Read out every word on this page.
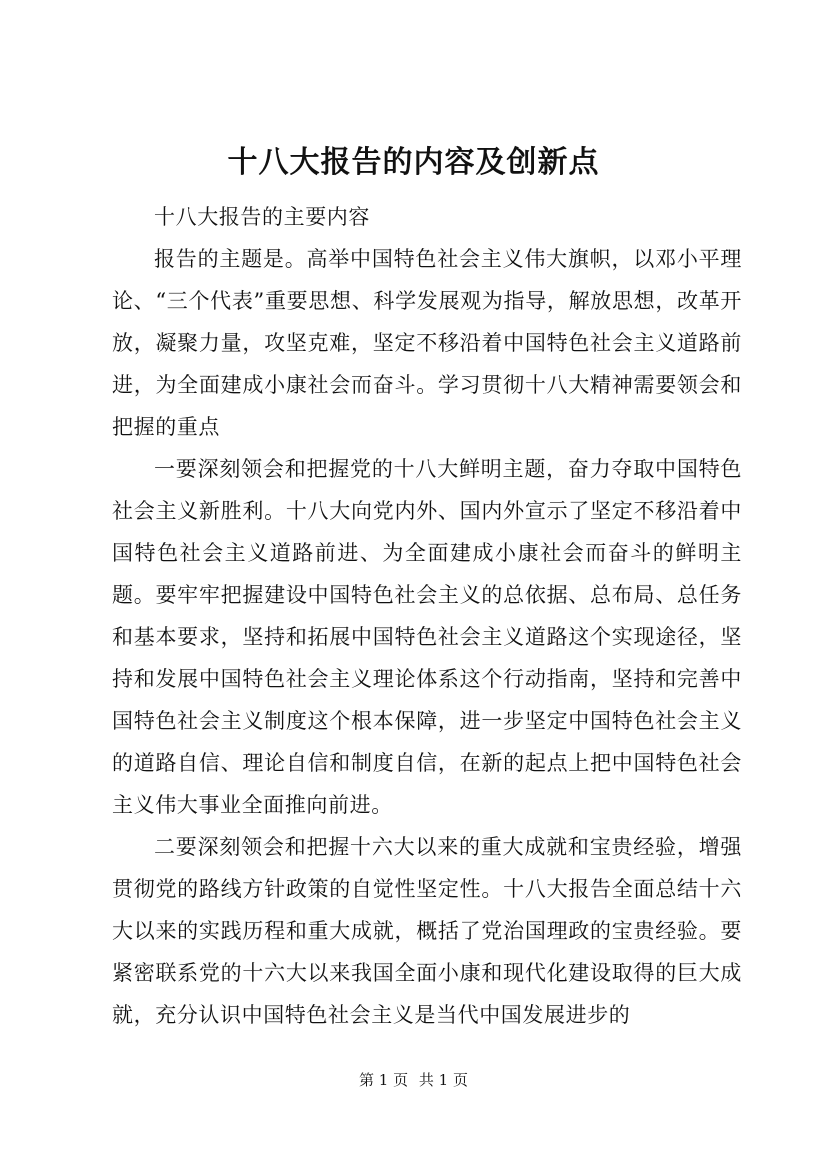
十八大报告的内容及创新点

十八大报告的主要内容

报告的主题是。高举中国特色社会主义伟大旗帜，以邓小平理论、“三个代表”重要思想、科学发展观为指导，解放思想，改革开放，凝聚力量，攻坚克难，坚定不移沿着中国特色社会主义道路前进，为全面建成小康社会而奋斗。学习贯彻十八大精神需要领会和把握的重点

一要深刻领会和把握党的十八大鲜明主题，奋力夺取中国特色社会主义新胜利。十八大向党内外、国内外宣示了坚定不移沿着中国特色社会主义道路前进、为全面建成小康社会而奋斗的鲜明主题。要牢牢把握建设中国特色社会主义的总依据、总布局、总任务和基本要求，坚持和拓展中国特色社会主义道路这个实现途径，坚持和发展中国特色社会主义理论体系这个行动指南，坚持和完善中国特色社会主义制度这个根本保障，进一步坚定中国特色社会主义的道路自信、理论自信和制度自信，在新的起点上把中国特色社会主义伟大事业全面推向前进。

二要深刻领会和把握十六大以来的重大成就和宝贵经验，增强贯彻党的路线方针政策的自觉性坚定性。十八大报告全面总结十六大以来的实践历程和重大成就，概括了党治国理政的宝贵经验。要紧密联系党的十六大以来我国全面小康和现代化建设取得的巨大成就，充分认识中国特色社会主义是当代中国发展进步的

第 1 页 共 1 页
